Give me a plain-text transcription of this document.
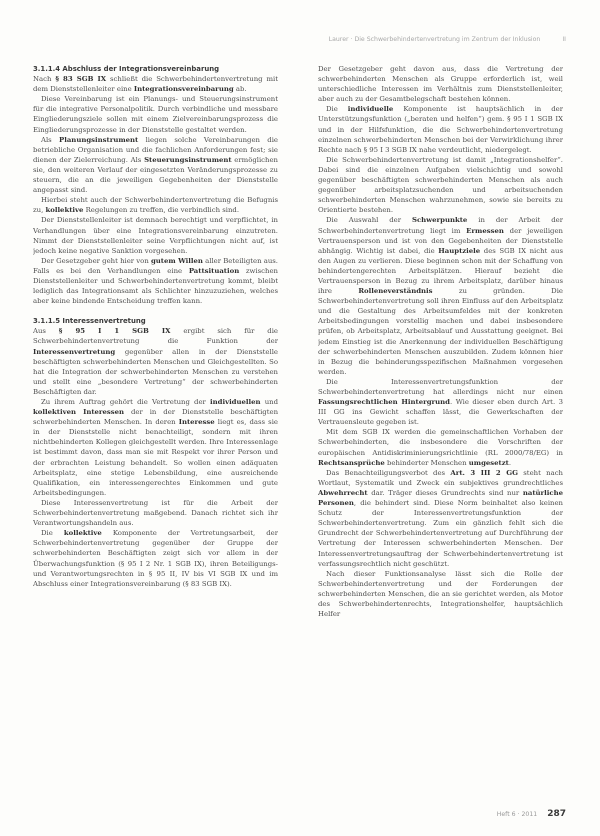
Laurer · Die Schwerbehindertenvertretung im Zentrum der Inklusion	II
3.1.1.4 Abschluss der Integrationsvereinbarung

Nach § 83 SGB IX schließt die Schwerbehindertenvertretung mit dem Dienststellenleiter eine Integrationsvereinbarung ab.

Diese Vereinbarung ist ein Planungs- und Steuerungsinstrument für die integrative Personalpolitik. Durch verbindliche und messbare Eingliederungsziele sollen mit einem Zielvereinbarungsprozess die Eingliederungsprozesse in der Dienststelle gestaltet werden.

Als Planungsinstrument liegen solche Vereinbarungen die betriebliche Organisation und die fachlichen Anforderungen fest; sie dienen der Zielerreichung. Als Steuerungsinstrument ermöglichen sie, den weiteren Verlauf der eingesetzten Veränderungsprozesse zu steuern, die an die jeweiligen Gegebenheiten der Dienststelle angepasst sind.

Hierbei steht auch der Schwerbehindertenvertretung die Befugnis zu, kollektive Regelungen zu treffen, die verbindlich sind.

Der Dienststellenleiter ist demnach berechtigt und verpflichtet, in Verhandlungen über eine Integrationsvereinbarung einzutreten. Nimmt der Dienststellenleiter seine Verpflichtungen nicht auf, ist jedoch keine negative Sanktion vorgesehen.

Der Gesetzgeber geht hier von gutem Willen aller Beteiligten aus. Falls es bei den Verhandlungen eine Pattsituation zwischen Dienststellenleiter und Schwerbehindertenvertretung kommt, bleibt lediglich das Integrationsamt als Schlichter hinzuzuziehen, welches aber keine bindende Entscheidung treffen kann.

3.1.1.5 Interessenvertretung

Aus § 95 I 1 SGB IX ergibt sich für die Schwerbehindertenvertretung die Funktion der Interessenvertretung gegenüber allen in der Dienststelle beschäftigten schwerbehinderten Menschen und Gleichgestellten. So hat die Integration der schwerbehinderten Menschen zu verstehen und stellt eine „besondere Vertretung“ der schwerbehinderten Beschäftigten dar.

Zu ihrem Auftrag gehört die Vertretung der individuellen und kollektiven Interessen der in der Dienststelle beschäftigten schwerbehinderten Menschen. In deren Interesse liegt es, dass sie in der Dienststelle nicht benachteiligt, sondern mit ihren nichtbehinderten Kollegen gleichgestellt werden. Ihre Interessenlage ist bestimmt davon, dass man sie mit Respekt vor ihrer Person und der erbrachten Leistung behandelt. So wollen einen adäquaten Arbeitsplatz, eine stetige Lebensbildung, eine ausreichende Qualifikation, ein interessengerechtes Einkommen und gute Arbeitsbedingungen.

Diese Interessenvertretung ist für die Arbeit der Schwerbehindertenvertretung maßgebend. Danach richtet sich ihr Verantwortungshandeln aus.

Die kollektive Komponente der Vertretungsarbeit, der Schwerbehindertenvertretung gegenüber der Gruppe der schwerbehinderten Beschäftigten zeigt sich vor allem in der Überwachungsfunktion (§ 95 I 2 Nr. 1 SGB IX), ihren Beteiligungs- und Verantwortungsrechten in § 95 II, IV bis VI SGB IX und im Abschluss einer Integrationsvereinbarung (§ 83 SGB IX).

Der Gesetzgeber geht davon aus, dass die Vertretung der schwerbehinderten Menschen als Gruppe erforderlich ist, weil unterschiedliche Interessen im Verhältnis zum Dienststellenleiter, aber auch zu der Gesamtbelegschaft bestehen können.

Die individuelle Komponente ist hauptsächlich in der Unterstützungsfunktion („beraten und helfen“) gem. § 95 I 1 SGB IX und in der Hilfsfunktion, die die Schwerbehindertenvertretung einzelnen schwerbehinderten Menschen bei der Verwirklichung ihrer Rechte nach § 95 I 3 SGB IX nahe verdeutlicht, niedergelegt.

Die Schwerbehindertenvertretung ist damit „Integrationshelfer“. Dabei sind die einzelnen Aufgaben vielschichtig und sowohl gegenüber beschäftigten schwerbehinderten Menschen als auch gegenüber arbeitsplatzsuchenden und arbeitsuchenden schwerbehinderten Menschen wahrzunehmen, sowie sie bereits zu Orientierte bestehen.

Die Auswahl der Schwerpunkte in der Arbeit der Schwerbehindertenvertretung liegt im Ermessen der jeweiligen Vertrauensperson und ist von den Gegebenheiten der Dienststelle abhängig. Wichtig ist dabei, die Hauptziele des SGB IX nicht aus den Augen zu verlieren. Diese beginnen schon mit der Schaffung von behindertengerechten Arbeitsplätzen. Hierauf bezieht die Vertrauensperson in Bezug zu ihrem Arbeitsplatz, darüber hinaus ihre Rolleneverständnis zu gründen. Die Schwerbehindertenvertretung soll ihren Einfluss auf den Arbeitsplatz und die Gestaltung des Arbeitsumfeldes mit der konkreten Arbeitsbedingungen vorstellig machen und dabei insbesondere prüfen, ob Arbeitsplatz, Arbeitsablauf und Ausstattung geeignet. Bei jedem Einstieg ist die Anerkennung der individuellen Beschäftigung der schwerbehinderten Menschen auszubilden. Zudem können hier in Bezug die behinderungsspezifischen Maßnahmen vorgesehen werden.

Die Interessenvertretungsfunktion der Schwerbehindertenvertretung hat allerdings nicht nur einen Fassungsrechtlichen Hintergrund. Wie dieser eben durch Art. 3 III GG ins Gewicht schaffen lässt, die Gewerkschaften der Vertrauensleute gegeben ist.

Mit dem SGB IX werden die gemeinschaftlichen Vorhaben der Schwerbehinderten, die insbesondere die Vorschriften der europäischen Antidiskriminierungsrichtlinie (RL 2000/78/EG) in Rechtsansprüche behinderter Menschen umgesetzt.

Das Benachteiligungsverbot des Art. 3 III 2 GG steht nach Wortlaut, Systematik und Zweck ein subjektives grundrechtliches Abwehrrecht dar. Träger dieses Grundrechts sind nur natürliche Personen, die behindert sind. Diese Norm beinhaltet also keinen Schutz der Interessenvertretungsfunktion der Schwerbehindertenvertretung. Zum ein gänzlich fehlt sich die Grundrecht der Schwerbehindertenvertretung auf Durchführung der Vertretung der Interessen schwerbehinderten Menschen. Der Interessenvertretungsauftrag der Schwerbehindertenvertretung ist verfassungsrechtlich nicht geschützt.

Nach dieser Funktionsanalyse lässt sich die Rolle der Schwerbehindertenvertretung und der Forderungen der schwerbehinderten Menschen, die an sie gerichtet werden, als Motor des Schwerbehindertenrechts, Integrationshelfer, hauptsächlich Helfer

Heft 6 · 2011 287
